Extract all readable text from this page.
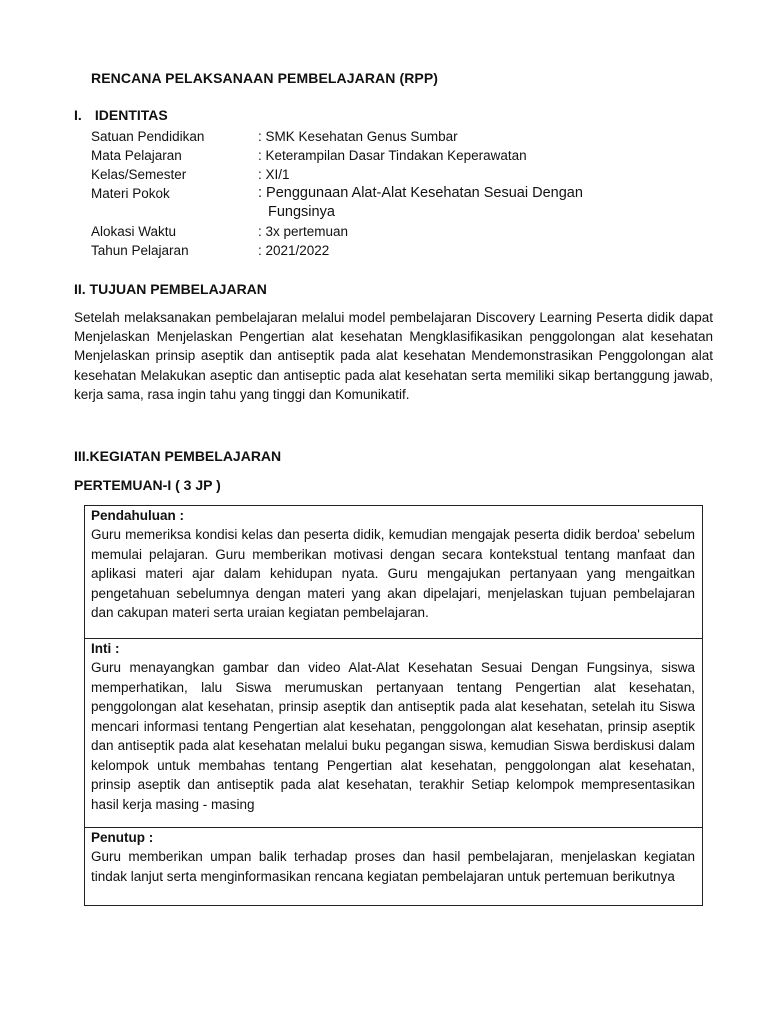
RENCANA PELAKSANAAN PEMBELAJARAN (RPP)
I. IDENTITAS
Satuan Pendidikan	: SMK Kesehatan Genus Sumbar
Mata Pelajaran	: Keterampilan Dasar Tindakan Keperawatan
Kelas/Semester	: XI/1
Materi Pokok	: Penggunaan Alat-Alat Kesehatan Sesuai Dengan
Fungsinya
Alokasi Waktu	: 3x pertemuan
Tahun Pelajaran	: 2021/2022
II. TUJUAN PEMBELAJARAN
Setelah melaksanakan pembelajaran melalui model pembelajaran Discovery Learning Peserta didik dapat Menjelaskan Menjelaskan Pengertian alat kesehatan Mengklasifikasikan penggolongan alat kesehatan Menjelaskan prinsip aseptik dan antiseptik pada alat kesehatan Mendemonstrasikan Penggolongan alat kesehatan Melakukan aseptic dan antiseptic pada alat kesehatan serta memiliki sikap bertanggung jawab, kerja sama, rasa ingin tahu yang tinggi dan Komunikatif.
III.KEGIATAN PEMBELAJARAN
PERTEMUAN-I ( 3 JP )
Pendahuluan :
Guru memeriksa kondisi kelas dan peserta didik, kemudian mengajak peserta didik berdoa' sebelum memulai pelajaran. Guru memberikan motivasi dengan secara kontekstual tentang manfaat dan aplikasi materi ajar dalam kehidupan nyata. Guru mengajukan pertanyaan yang mengaitkan pengetahuan sebelumnya dengan materi yang akan dipelajari, menjelaskan tujuan pembelajaran dan cakupan materi serta uraian kegiatan pembelajaran.
Inti :
Guru menayangkan gambar dan video Alat-Alat Kesehatan Sesuai Dengan Fungsinya, siswa memperhatikan, lalu Siswa merumuskan pertanyaan tentang Pengertian alat kesehatan, penggolongan alat kesehatan, prinsip aseptik dan antiseptik pada alat kesehatan, setelah itu Siswa mencari informasi tentang Pengertian alat kesehatan, penggolongan alat kesehatan, prinsip aseptik dan antiseptik pada alat kesehatan melalui buku pegangan siswa, kemudian Siswa berdiskusi dalam kelompok untuk membahas tentang Pengertian alat kesehatan, penggolongan alat kesehatan, prinsip aseptik dan antiseptik pada alat kesehatan, terakhir Setiap kelompok mempresentasikan hasil kerja masing - masing
Penutup :
Guru memberikan umpan balik terhadap proses dan hasil pembelajaran, menjelaskan kegiatan tindak lanjut serta menginformasikan rencana kegiatan pembelajaran untuk pertemuan berikutnya
